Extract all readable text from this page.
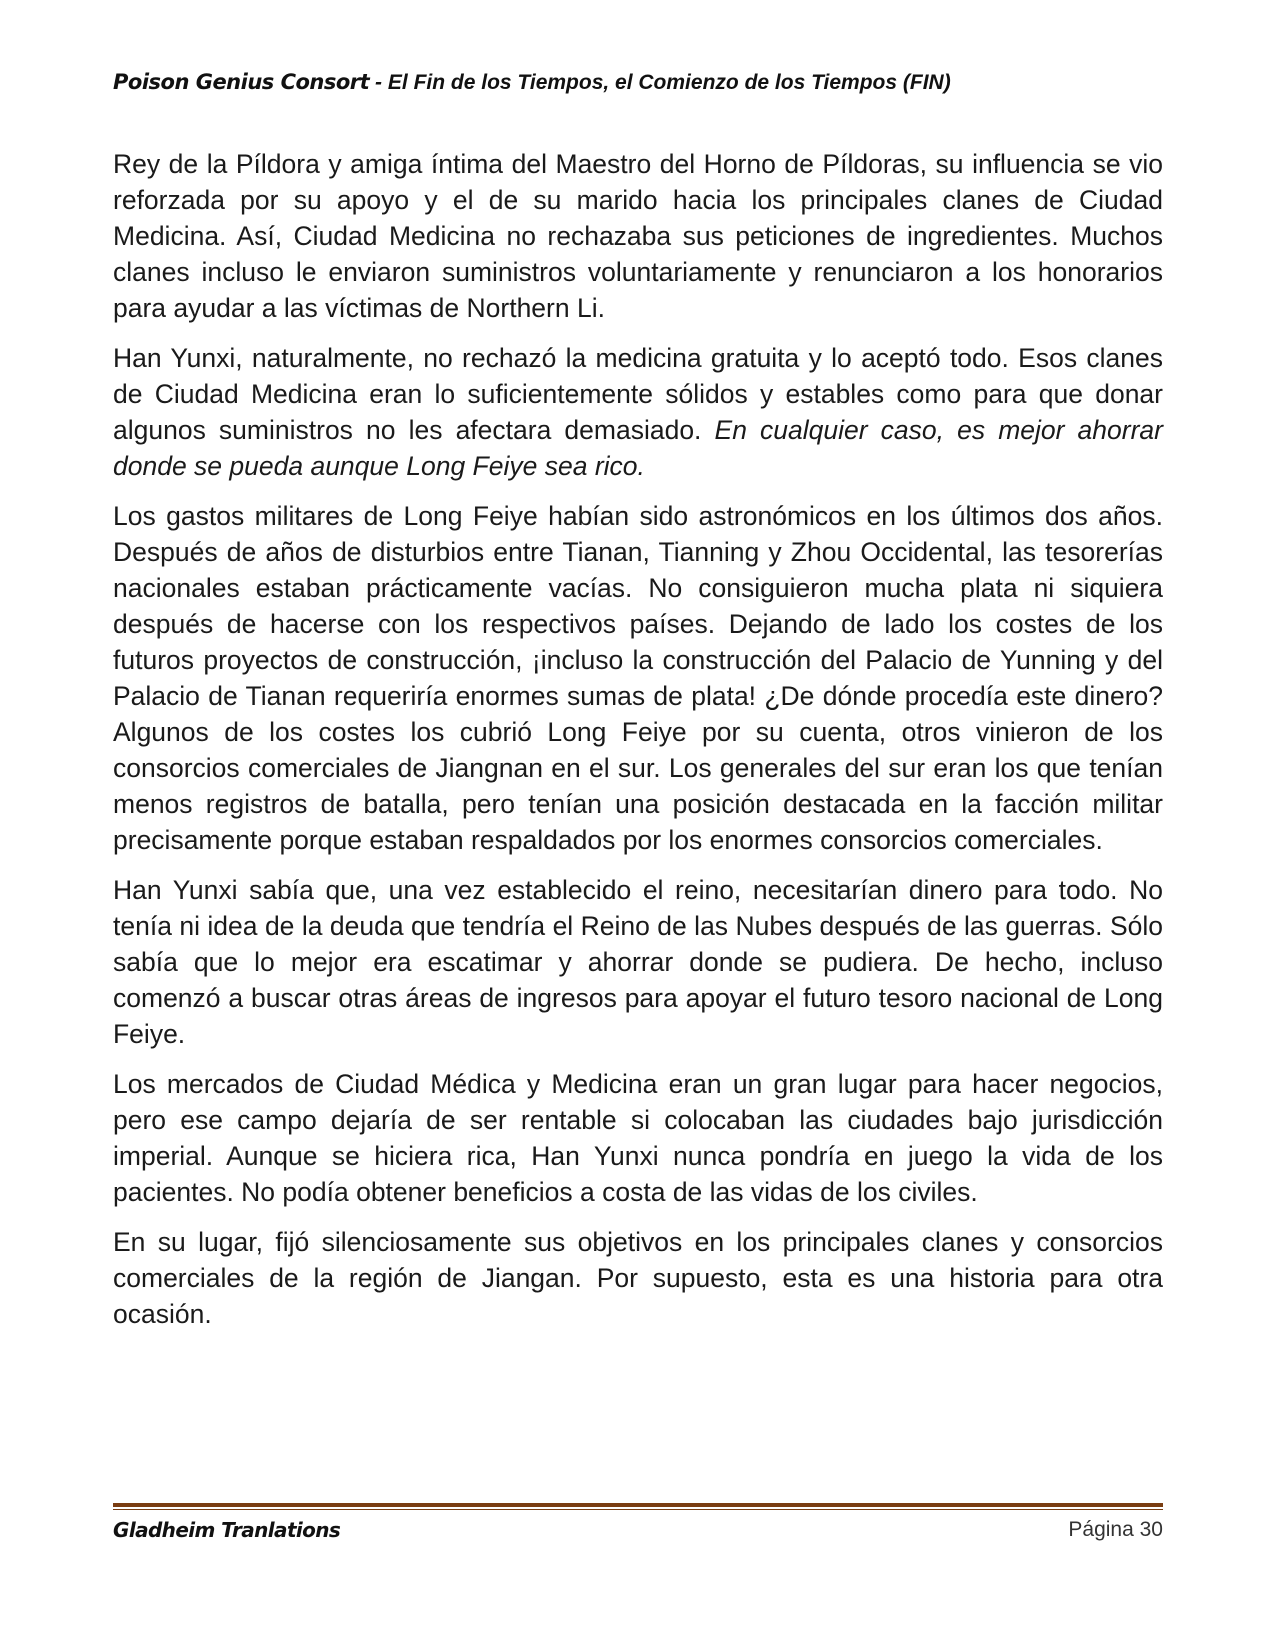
Poison Genius Consort - El Fin de los Tiempos, el Comienzo de los Tiempos (FIN)

Rey de la Píldora y amiga íntima del Maestro del Horno de Píldoras, su influencia se vio reforzada por su apoyo y el de su marido hacia los principales clanes de Ciudad Medicina. Así, Ciudad Medicina no rechazaba sus peticiones de ingredientes. Muchos clanes incluso le enviaron suministros voluntariamente y renunciaron a los honorarios para ayudar a las víctimas de Northern Li.

Han Yunxi, naturalmente, no rechazó la medicina gratuita y lo aceptó todo. Esos clanes de Ciudad Medicina eran lo suficientemente sólidos y estables como para que donar algunos suministros no les afectara demasiado. En cualquier caso, es mejor ahorrar donde se pueda aunque Long Feiye sea rico.

Los gastos militares de Long Feiye habían sido astronómicos en los últimos dos años. Después de años de disturbios entre Tianan, Tianning y Zhou Occidental, las tesorerías nacionales estaban prácticamente vacías. No consiguieron mucha plata ni siquiera después de hacerse con los respectivos países. Dejando de lado los costes de los futuros proyectos de construcción, ¡incluso la construcción del Palacio de Yunning y del Palacio de Tianan requeriría enormes sumas de plata! ¿De dónde procedía este dinero? Algunos de los costes los cubrió Long Feiye por su cuenta, otros vinieron de los consorcios comerciales de Jiangnan en el sur. Los generales del sur eran los que tenían menos registros de batalla, pero tenían una posición destacada en la facción militar precisamente porque estaban respaldados por los enormes consorcios comerciales.

Han Yunxi sabía que, una vez establecido el reino, necesitarían dinero para todo. No tenía ni idea de la deuda que tendría el Reino de las Nubes después de las guerras. Sólo sabía que lo mejor era escatimar y ahorrar donde se pudiera. De hecho, incluso comenzó a buscar otras áreas de ingresos para apoyar el futuro tesoro nacional de Long Feiye.

Los mercados de Ciudad Médica y Medicina eran un gran lugar para hacer negocios, pero ese campo dejaría de ser rentable si colocaban las ciudades bajo jurisdicción imperial. Aunque se hiciera rica, Han Yunxi nunca pondría en juego la vida de los pacientes. No podía obtener beneficios a costa de las vidas de los civiles.

En su lugar, fijó silenciosamente sus objetivos en los principales clanes y consorcios comerciales de la región de Jiangan. Por supuesto, esta es una historia para otra ocasión.

Gladheim Tranlations	Página 30
